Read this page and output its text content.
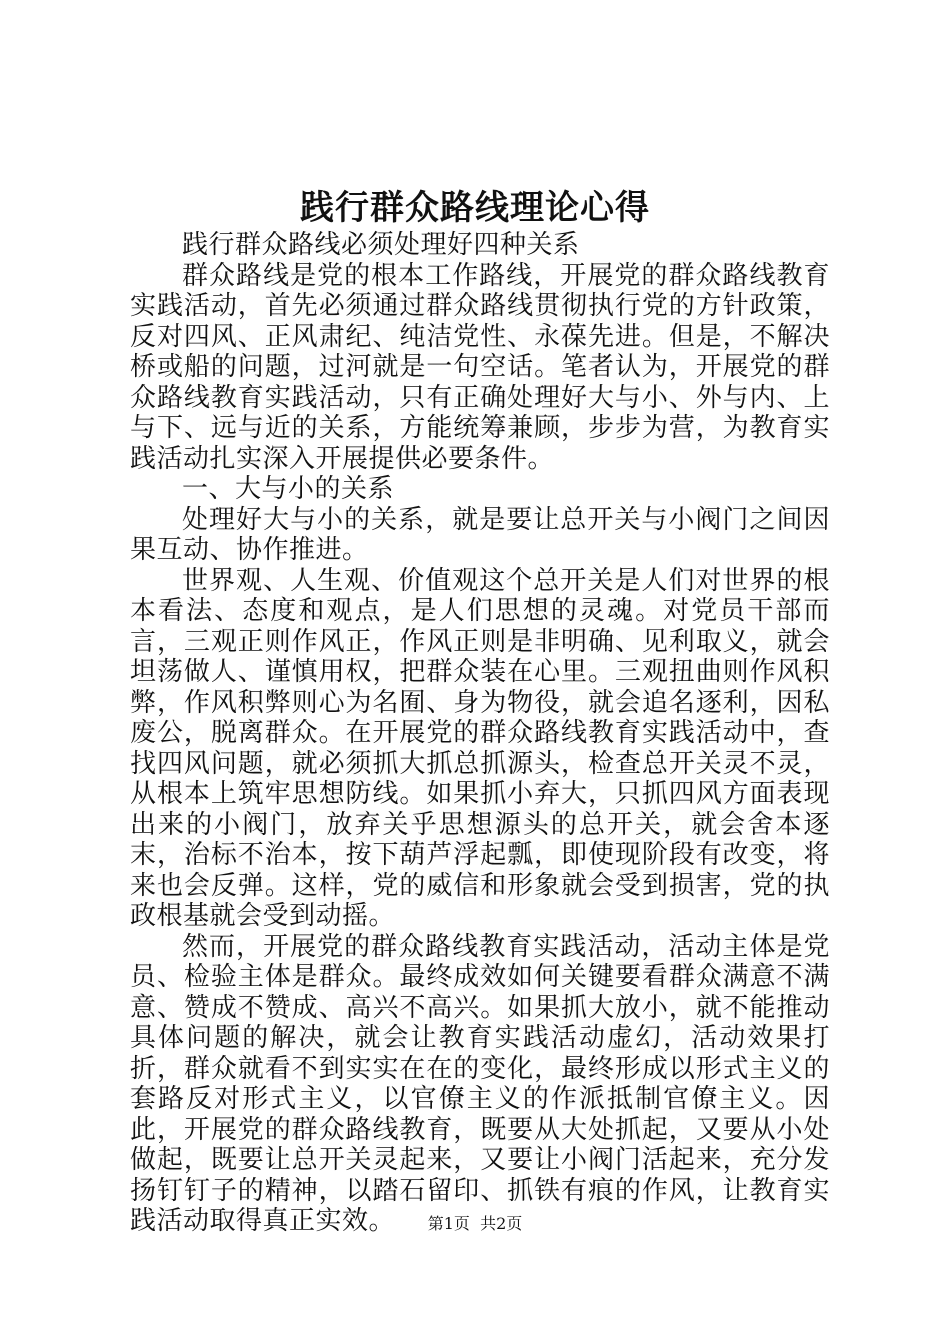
践行群众路线理论心得

践行群众路线必须处理好四种关系

群众路线是党的根本工作路线，开展党的群众路线教育实践活动，首先必须通过群众路线贯彻执行党的方针政策，反对四风、正风肃纪、纯洁党性、永葆先进。但是，不解决桥或船的问题，过河就是一句空话。笔者认为，开展党的群众路线教育实践活动，只有正确处理好大与小、外与内、上与下、远与近的关系，方能统筹兼顾，步步为营，为教育实践活动扎实深入开展提供必要条件。

一、大与小的关系

处理好大与小的关系，就是要让总开关与小阀门之间因果互动、协作推进。

世界观、人生观、价值观这个总开关是人们对世界的根本看法、态度和观点，是人们思想的灵魂。对党员干部而言，三观正则作风正，作风正则是非明确、见利取义，就会坦荡做人、谨慎用权，把群众装在心里。三观扭曲则作风积弊，作风积弊则心为名囿、身为物役，就会追名逐利，因私废公，脱离群众。在开展党的群众路线教育实践活动中，查找四风问题，就必须抓大抓总抓源头，检查总开关灵不灵，从根本上筑牢思想防线。如果抓小弃大，只抓四风方面表现出来的小阀门，放弃关乎思想源头的总开关，就会舍本逐末，治标不治本，按下葫芦浮起瓢，即使现阶段有改变，将来也会反弹。这样，党的威信和形象就会受到损害，党的执政根基就会受到动摇。

然而，开展党的群众路线教育实践活动，活动主体是党员、检验主体是群众。最终成效如何关键要看群众满意不满意、赞成不赞成、高兴不高兴。如果抓大放小，就不能推动具体问题的解决，就会让教育实践活动虚幻，活动效果打折，群众就看不到实实在在的变化，最终形成以形式主义的套路反对形式主义，以官僚主义的作派抵制官僚主义。因此，开展党的群众路线教育，既要从大处抓起，又要从小处做起，既要让总开关灵起来，又要让小阀门活起来，充分发扬钉钉子的精神，以踏石留印、抓铁有痕的作风，让教育实践活动取得真正实效。	第1页  共2页
